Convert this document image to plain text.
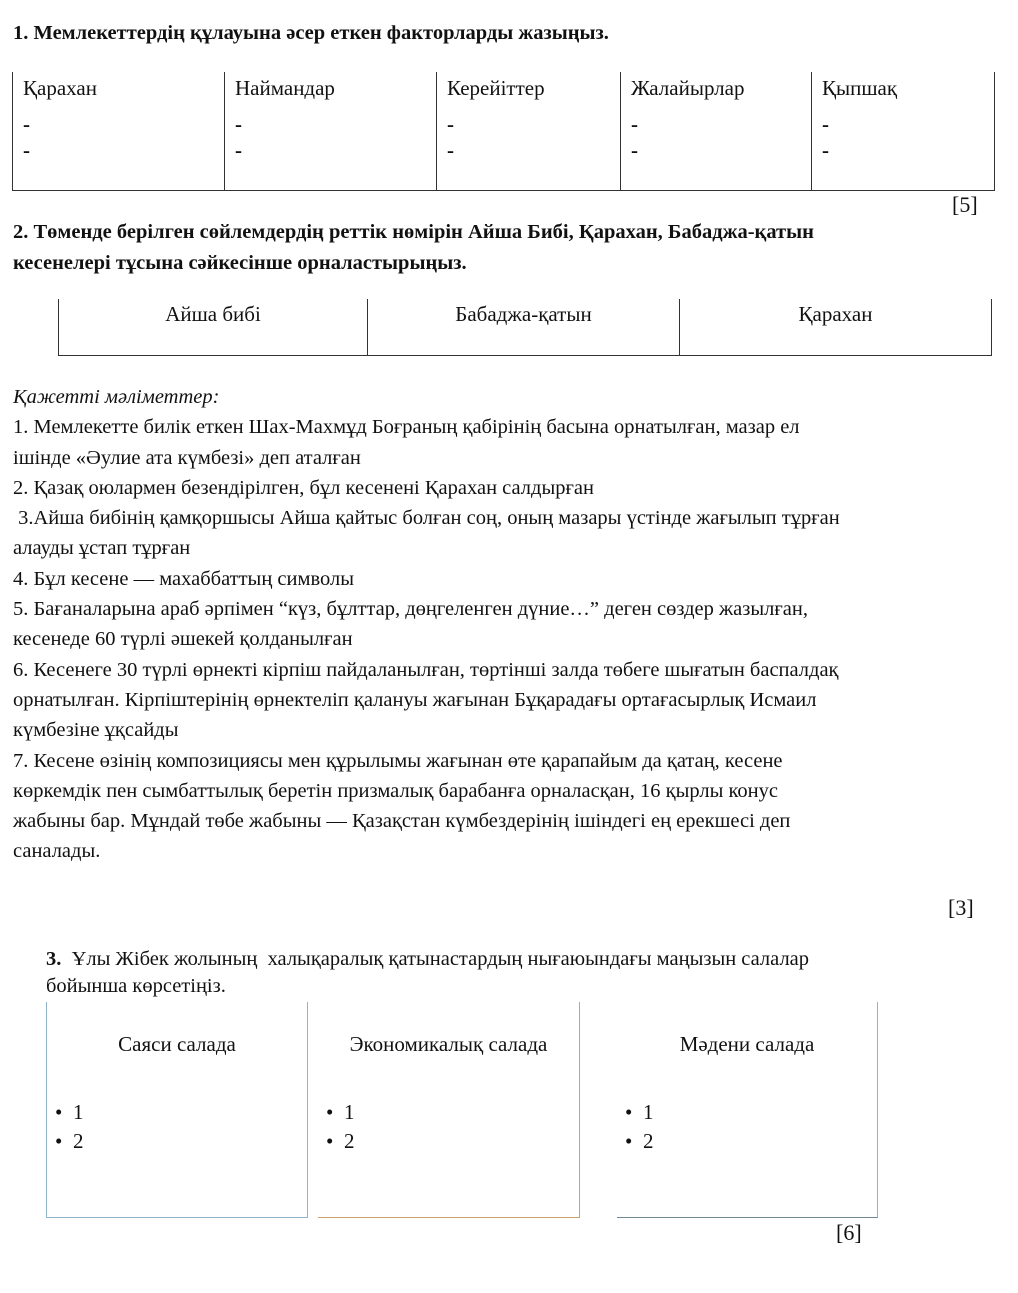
1. Мемлекеттердің құлауына әсер еткен факторларды жазыңыз.
Қарахан
-
-
Наймандар
-
-
Керейіттер
-
-
Жалайырлар
-
-
Қыпшақ
-
-
[5]
2. Төменде берілген сөйлемдердің реттік нөмірін Айша Бибі, Қарахан, Бабаджа-қатын
кесенелері тұсына сәйкесінше орналастырыңыз.
Айша бибі	Бабаджа-қатын	Қарахан
Қажетті мәліметтер:
1. Мемлекетте билік еткен Шах-Махмұд Боғраның қабірінің басына орнатылған, мазар ел
ішінде «Әулие ата күмбезі» деп аталған
2. Қазақ оюлармен безендірілген, бұл кесенені Қарахан салдырған
3.Айша бибінің қамқоршысы Айша қайтыс болған соң, оның мазары үстінде жағылып тұрған
алауды ұстап тұрған
4. Бұл кесене — махаббаттың символы
5. Бағаналарына араб әрпімен “күз, бұлттар, дөңгеленген дүние…” деген сөздер жазылған,
кесенеде 60 түрлі әшекей қолданылған
6. Кесенеге 30 түрлі өрнекті кірпіш пайдаланылған, төртінші залда төбеге шығатын баспалдақ
орнатылған. Кірпіштерінің өрнектеліп қалануы жағынан Бұқарадағы ортағасырлық Исмаил
күмбезіне ұқсайды
7. Кесене өзінің композициясы мен құрылымы жағынан өте қарапайым да қатаң, кесене
көркемдік пен сымбаттылық беретін призмалық барабанға орналасқан, 16 қырлы конус
жабыны бар. Мұндай төбе жабыны — Қазақстан күмбездерінің ішіндегі ең ерекшесі деп
саналады.
[3]
3.  Ұлы Жібек жолының  халықаралық қатынастардың нығаюындағы маңызын салалар
бойынша көрсетіңіз.
Саяси салада
• 1
• 2
Экономикалық салада
• 1
• 2
Мәдени салада
• 1
• 2
[6]
